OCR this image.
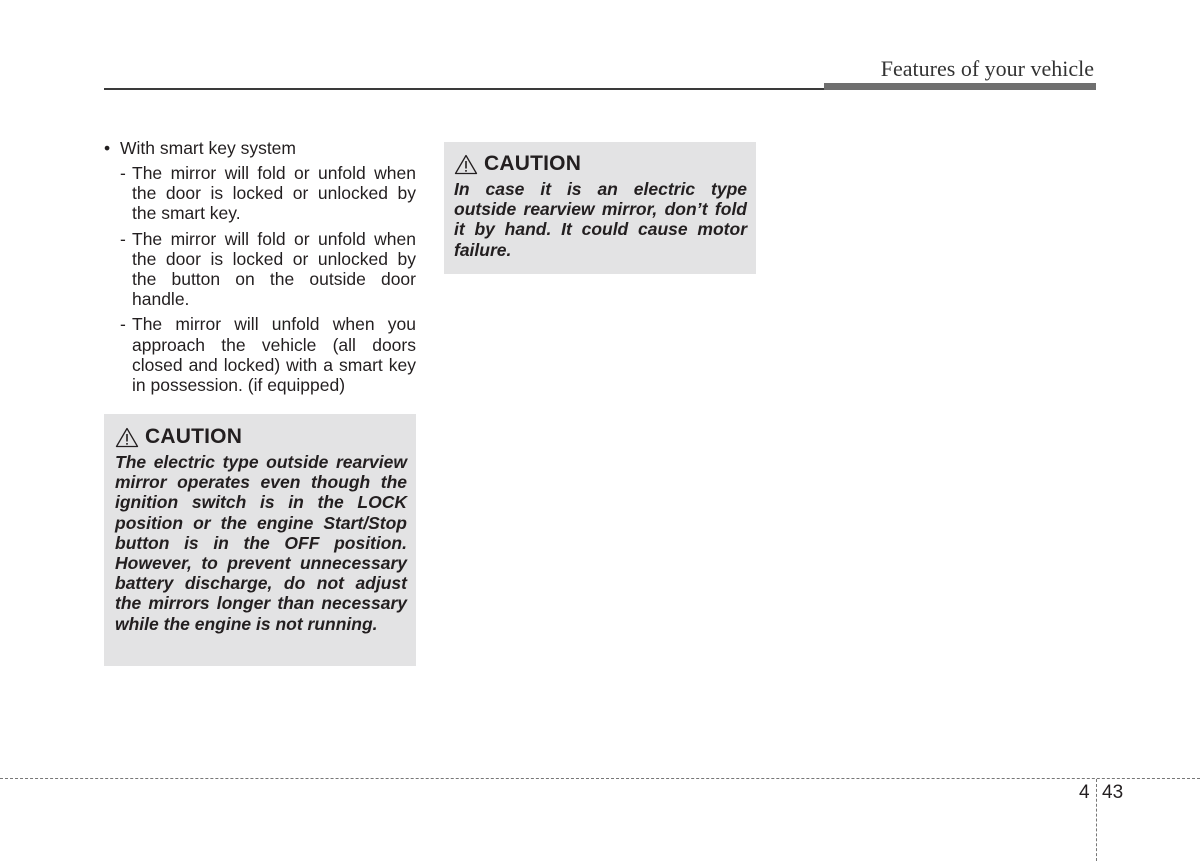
Features of your vehicle
• With smart key system
- The mirror will fold or unfold when the door is locked or unlocked by the smart key.
- The mirror will fold or unfold when the door is locked or unlocked by the button on the outside door handle.
- The mirror will unfold when you approach the vehicle (all doors closed and locked) with a smart key in possession. (if equipped)
CAUTION
The electric type outside rearview mirror operates even though the ignition switch is in the LOCK position or the engine Start/Stop button is in the OFF position. However, to prevent unnecessary battery discharge, do not adjust the mirrors longer than necessary while the engine is not running.
CAUTION
In case it is an electric type outside rearview mirror, don’t fold it by hand. It could cause motor failure.
4 43
